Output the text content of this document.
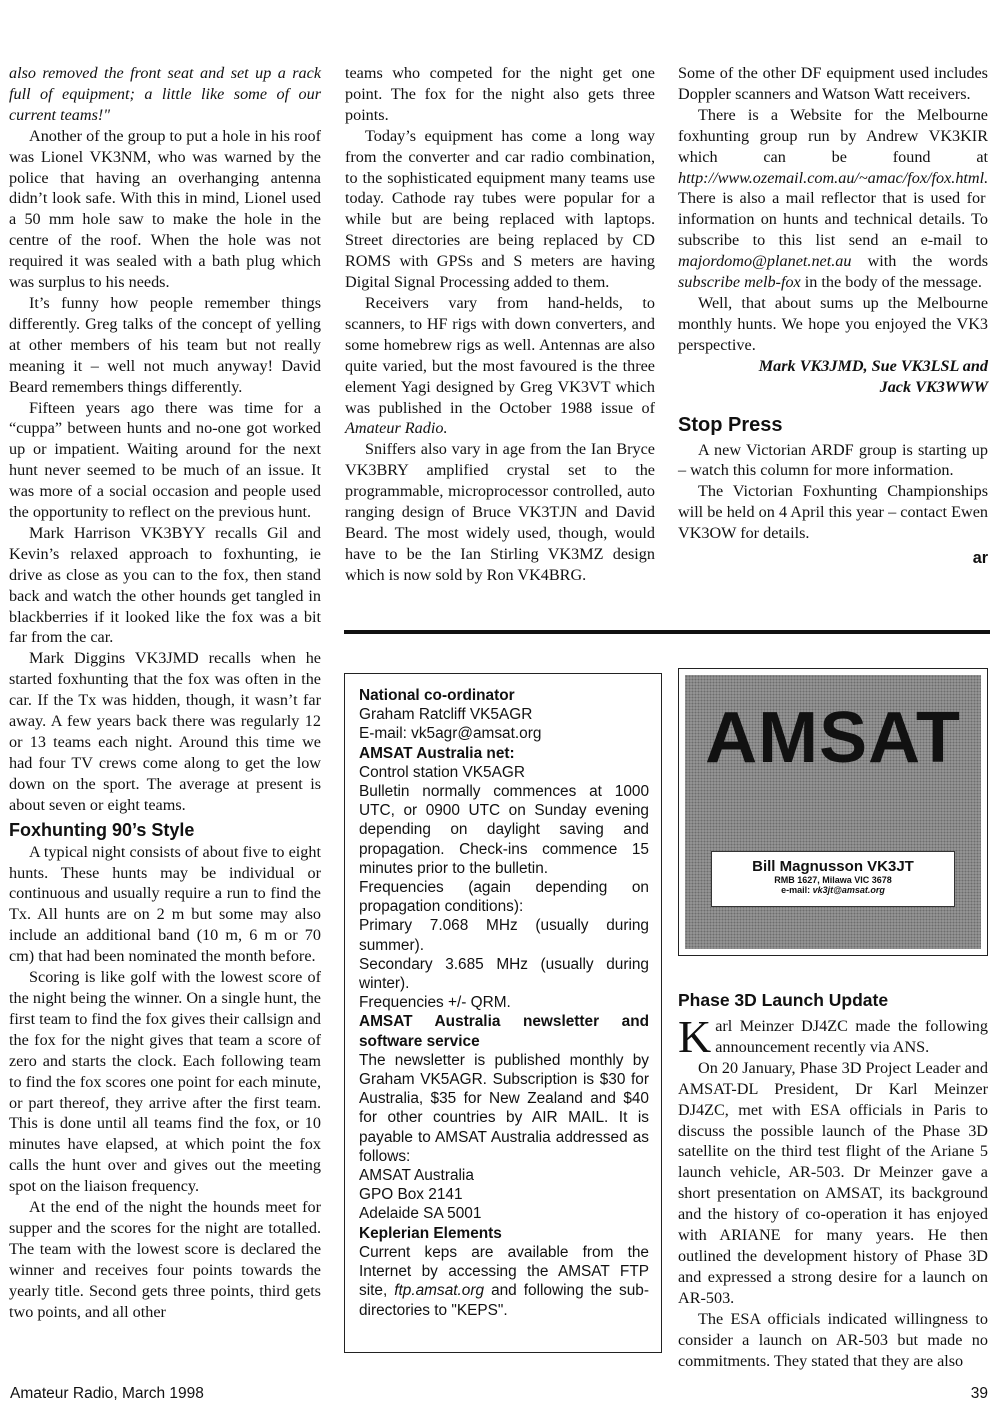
also removed the front seat and set up a rack full of equipment; a little like some of our current teams!"

Another of the group to put a hole in his roof was Lionel VK3NM, who was warned by the police that having an overhanging antenna didn’t look safe. With this in mind, Lionel used a 50 mm hole saw to make the hole in the centre of the roof. When the hole was not required it was sealed with a bath plug which was surplus to his needs.

It’s funny how people remember things differently. Greg talks of the concept of yelling at other members of his team but not really meaning it – well not much anyway! David Beard remembers things differently.

Fifteen years ago there was time for a “cuppa” between hunts and no-one got worked up or impatient. Waiting around for the next hunt never seemed to be much of an issue. It was more of a social occasion and people used the opportunity to reflect on the previous hunt.

Mark Harrison VK3BYY recalls Gil and Kevin’s relaxed approach to foxhunting, ie drive as close as you can to the fox, then stand back and watch the other hounds get tangled in blackberries if it looked like the fox was a bit far from the car.

Mark Diggins VK3JMD recalls when he started foxhunting that the fox was often in the car. If the Tx was hidden, though, it wasn’t far away. A few years back there was regularly 12 or 13 teams each night. Around this time we had four TV crews come along to get the low down on the sport. The average at present is about seven or eight teams.

Foxhunting 90’s Style

A typical night consists of about five to eight hunts. These hunts may be individual or continuous and usually require a run to find the Tx. All hunts are on 2 m but some may also include an additional band (10 m, 6 m or 70 cm) that had been nominated the month before.

Scoring is like golf with the lowest score of the night being the winner. On a single hunt, the first team to find the fox gives their callsign and the fox for the night gives that team a score of zero and starts the clock. Each following team to find the fox scores one point for each minute, or part thereof, they arrive after the first team. This is done until all teams find the fox, or 10 minutes have elapsed, at which point the fox calls the hunt over and gives out the meeting spot on the liaison frequency.

At the end of the night the hounds meet for supper and the scores for the night are totalled. The team with the lowest score is declared the winner and receives four points towards the yearly title. Second gets three points, third gets two points, and all other

teams who competed for the night get one point. The fox for the night also gets three points.

Today’s equipment has come a long way from the converter and car radio combination, to the sophisticated equipment many teams use today. Cathode ray tubes were popular for a while but are being replaced with laptops. Street directories are being replaced by CD ROMS with GPSs and S meters are having Digital Signal Processing added to them.

Receivers vary from hand-helds, to scanners, to HF rigs with down converters, and some homebrew rigs as well. Antennas are also quite varied, but the most favoured is the three element Yagi designed by Greg VK3VT which was published in the October 1988 issue of Amateur Radio.

Sniffers also vary in age from the Ian Bryce VK3BRY amplified crystal set to the programmable, microprocessor controlled, auto ranging design of Bruce VK3TJN and David Beard. The most widely used, though, would have to be the Ian Stirling VK3MZ design which is now sold by Ron VK4BRG.

Some of the other DF equipment used includes Doppler scanners and Watson Watt receivers.

There is a Website for the Melbourne foxhunting group run by Andrew VK3KIR which can be found at http://www.ozemail.com.au/~amac/fox/fox.html. There is also a mail reflector that is used for information on hunts and technical details. To subscribe to this list send an e-mail to majordomo@planet.net.au with the words subscribe melb-fox in the body of the message.

Well, that about sums up the Melbourne monthly hunts. We hope you enjoyed the VK3 perspective.

Mark VK3JMD, Sue VK3LSL and Jack VK3WWW

Stop Press

A new Victorian ARDF group is starting up – watch this column for more information.

The Victorian Foxhunting Championships will be held on 4 April this year – contact Ewen VK3OW for details.

ar

National co-ordinator
Graham Ratcliff VK5AGR
E-mail: vk5agr@amsat.org
AMSAT Australia net:
Control station VK5AGR
Bulletin normally commences at 1000 UTC, or 0900 UTC on Sunday evening depending on daylight saving and propagation. Check-ins commence 15 minutes prior to the bulletin.
Frequencies (again depending on propagation conditions):
Primary 7.068 MHz (usually during summer).
Secondary 3.685 MHz (usually during winter).
Frequencies +/- QRM.
AMSAT Australia newsletter and software service
The newsletter is published monthly by Graham VK5AGR. Subscription is $30 for Australia, $35 for New Zealand and $40 for other countries by AIR MAIL. It is payable to AMSAT Australia addressed as follows:
AMSAT Australia
GPO Box 2141
Adelaide SA 5001
Keplerian Elements
Current keps are available from the Internet by accessing the AMSAT FTP site, ftp.amsat.org and following the sub-directories to "KEPS".
AMSAT
Bill Magnusson VK3JT
RMB 1627, Milawa VIC 3678
e-mail: vk3jt@amsat.org
Phase 3D Launch Update

Karl Meinzer DJ4ZC made the following announcement recently via ANS.

On 20 January, Phase 3D Project Leader and AMSAT-DL President, Dr Karl Meinzer DJ4ZC, met with ESA officials in Paris to discuss the possible launch of the Phase 3D satellite on the third test flight of the Ariane 5 launch vehicle, AR-503. Dr Meinzer gave a short presentation on AMSAT, its background and the history of co-operation it has enjoyed with ARIANE for many years. He then outlined the development history of Phase 3D and expressed a strong desire for a launch on AR-503.

The ESA officials indicated willingness to consider a launch on AR-503 but made no commitments. They stated that they are also

Amateur Radio, March 1998	39
